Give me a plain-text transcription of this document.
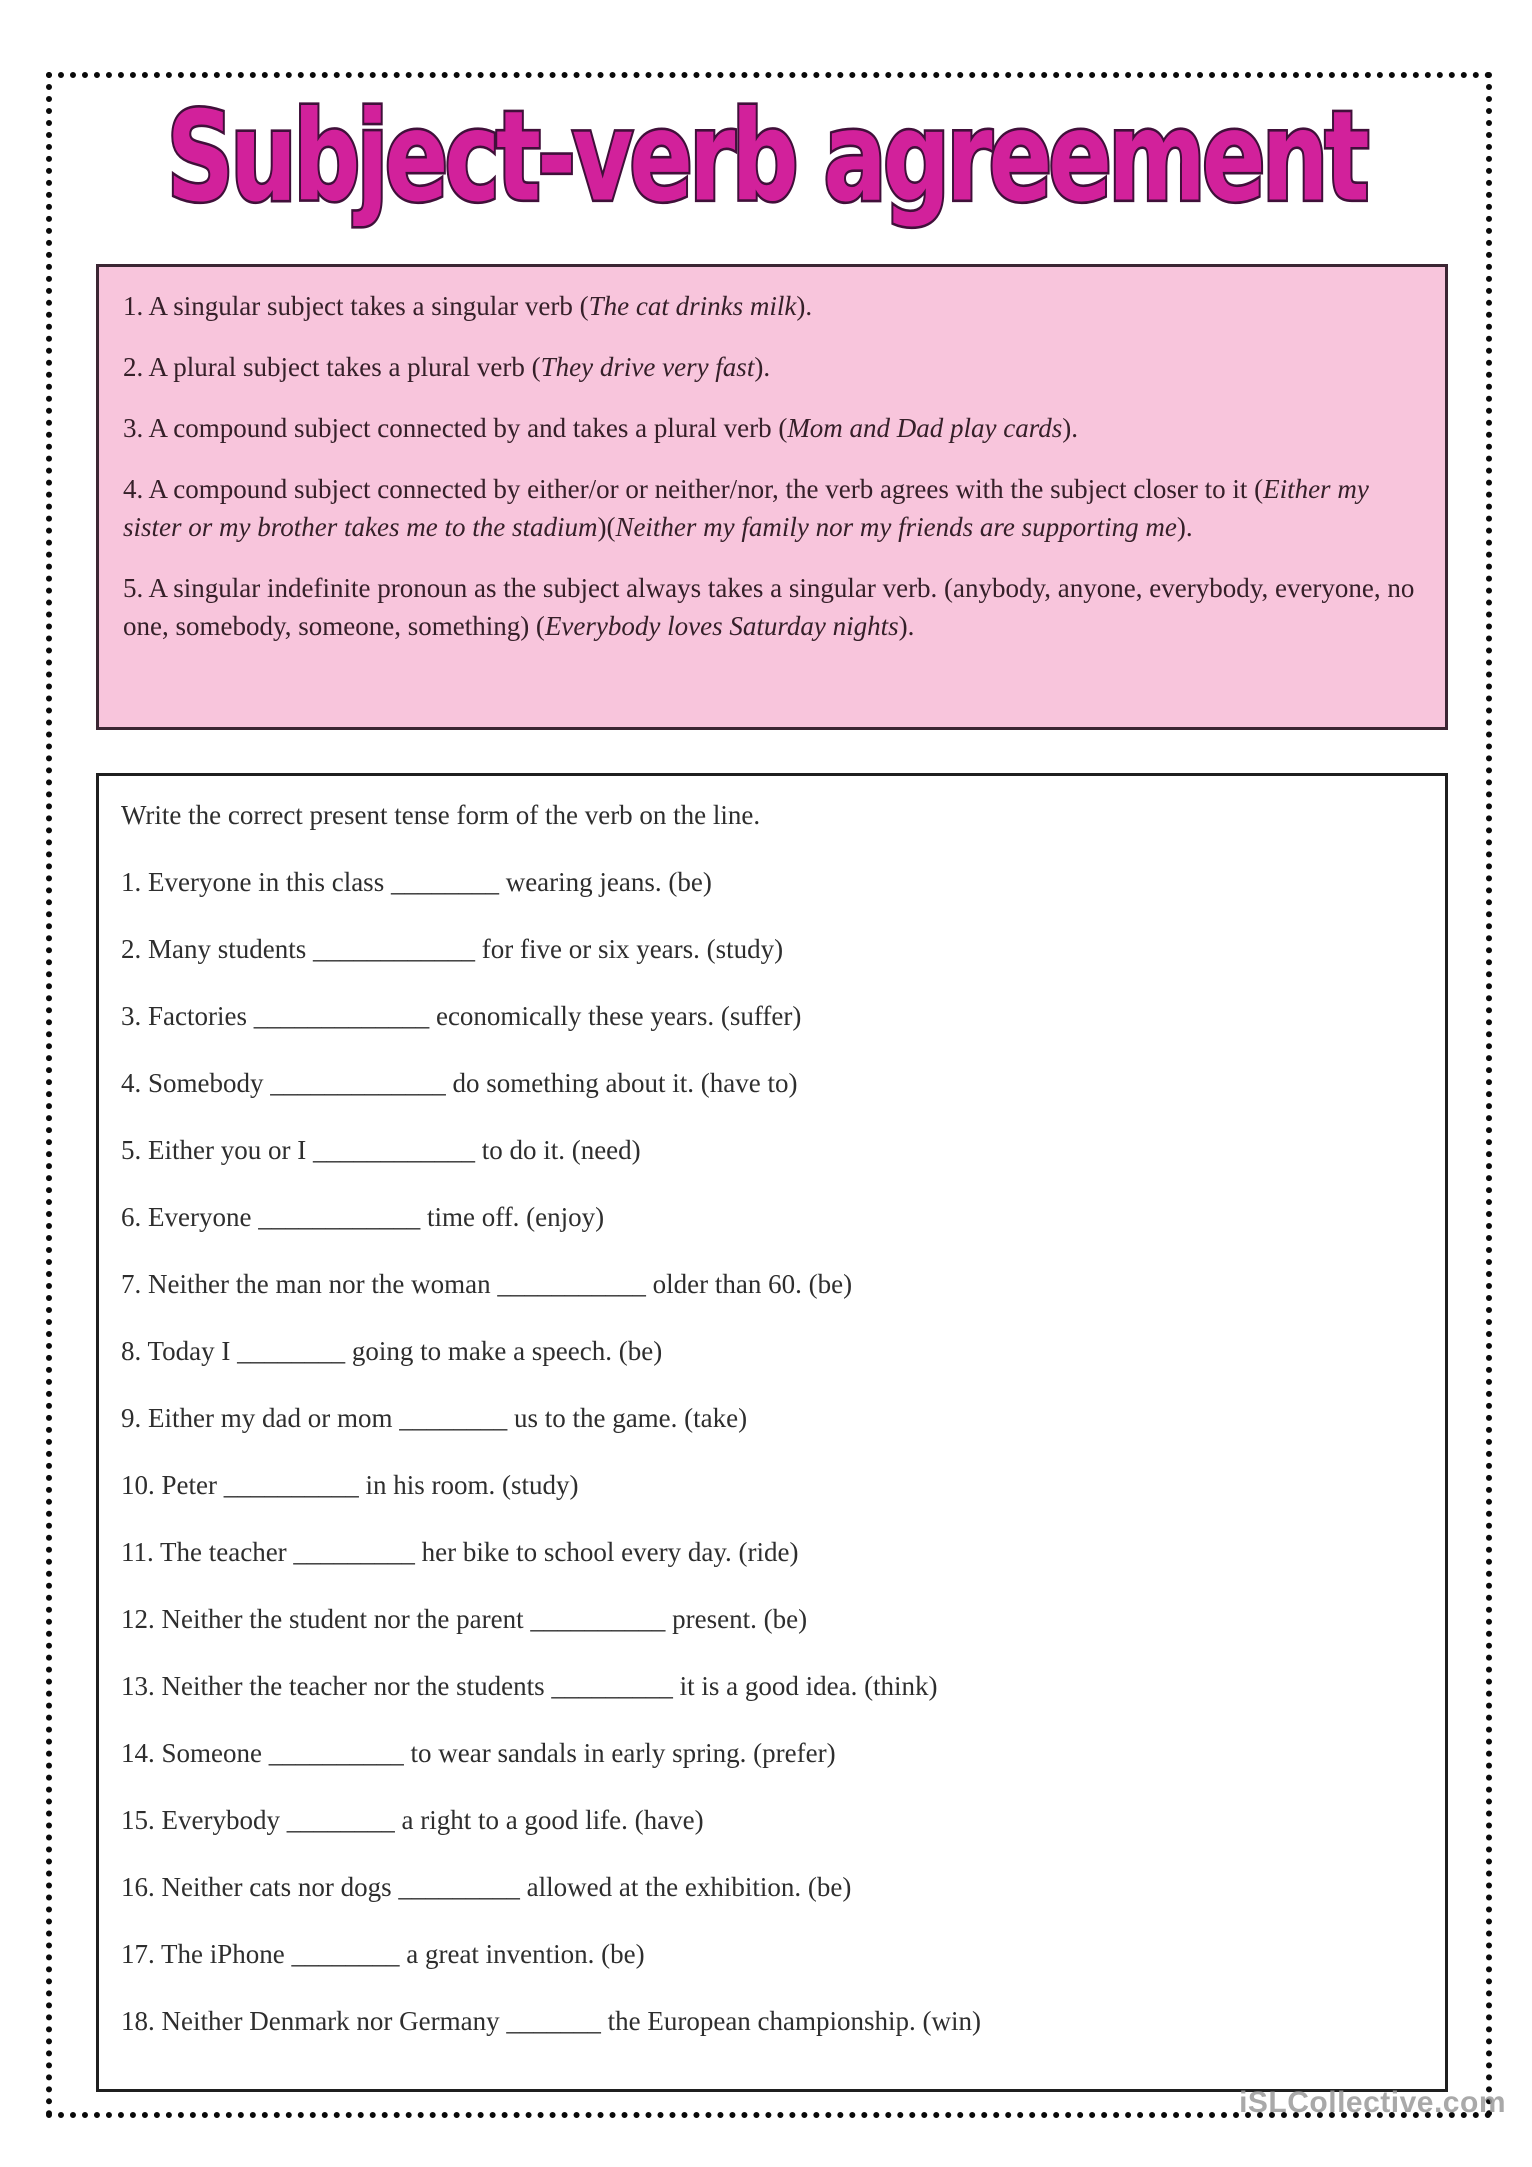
Subject-verb agreement

1. A singular subject takes a singular verb (The cat drinks milk).

2. A plural subject takes a plural verb (They drive very fast).

3. A compound subject connected by and takes a plural verb (Mom and Dad play cards).

4. A compound subject connected by either/or or neither/nor, the verb agrees with the subject closer to it (Either my sister or my brother takes me to the stadium)(Neither my family nor my friends are supporting me).

5. A singular indefinite pronoun as the subject always takes a singular verb. (anybody, anyone, everybody, everyone, no one, somebody, someone, something) (Everybody loves Saturday nights).

Write the correct present tense form of the verb on the line.

1. Everyone in this class ________ wearing jeans. (be)

2. Many students ____________ for five or six years. (study)

3. Factories _____________ economically these years. (suffer)

4. Somebody _____________ do something about it. (have to)

5. Either you or I ____________ to do it. (need)

6. Everyone ____________ time off. (enjoy)

7. Neither the man nor the woman ___________ older than 60. (be)

8. Today I ________ going to make a speech. (be)

9. Either my dad or mom ________ us to the game. (take)

10. Peter __________ in his room. (study)

11. The teacher _________ her bike to school every day. (ride)

12. Neither the student nor the parent __________ present. (be)

13. Neither the teacher nor the students _________ it is a good idea. (think)

14. Someone __________ to wear sandals in early spring. (prefer)

15. Everybody ________ a right to a good life. (have)

16. Neither cats nor dogs _________ allowed at the exhibition. (be)

17. The iPhone ________ a great invention. (be)

18. Neither Denmark nor Germany _______ the European championship. (win)

iSLCollective.com
